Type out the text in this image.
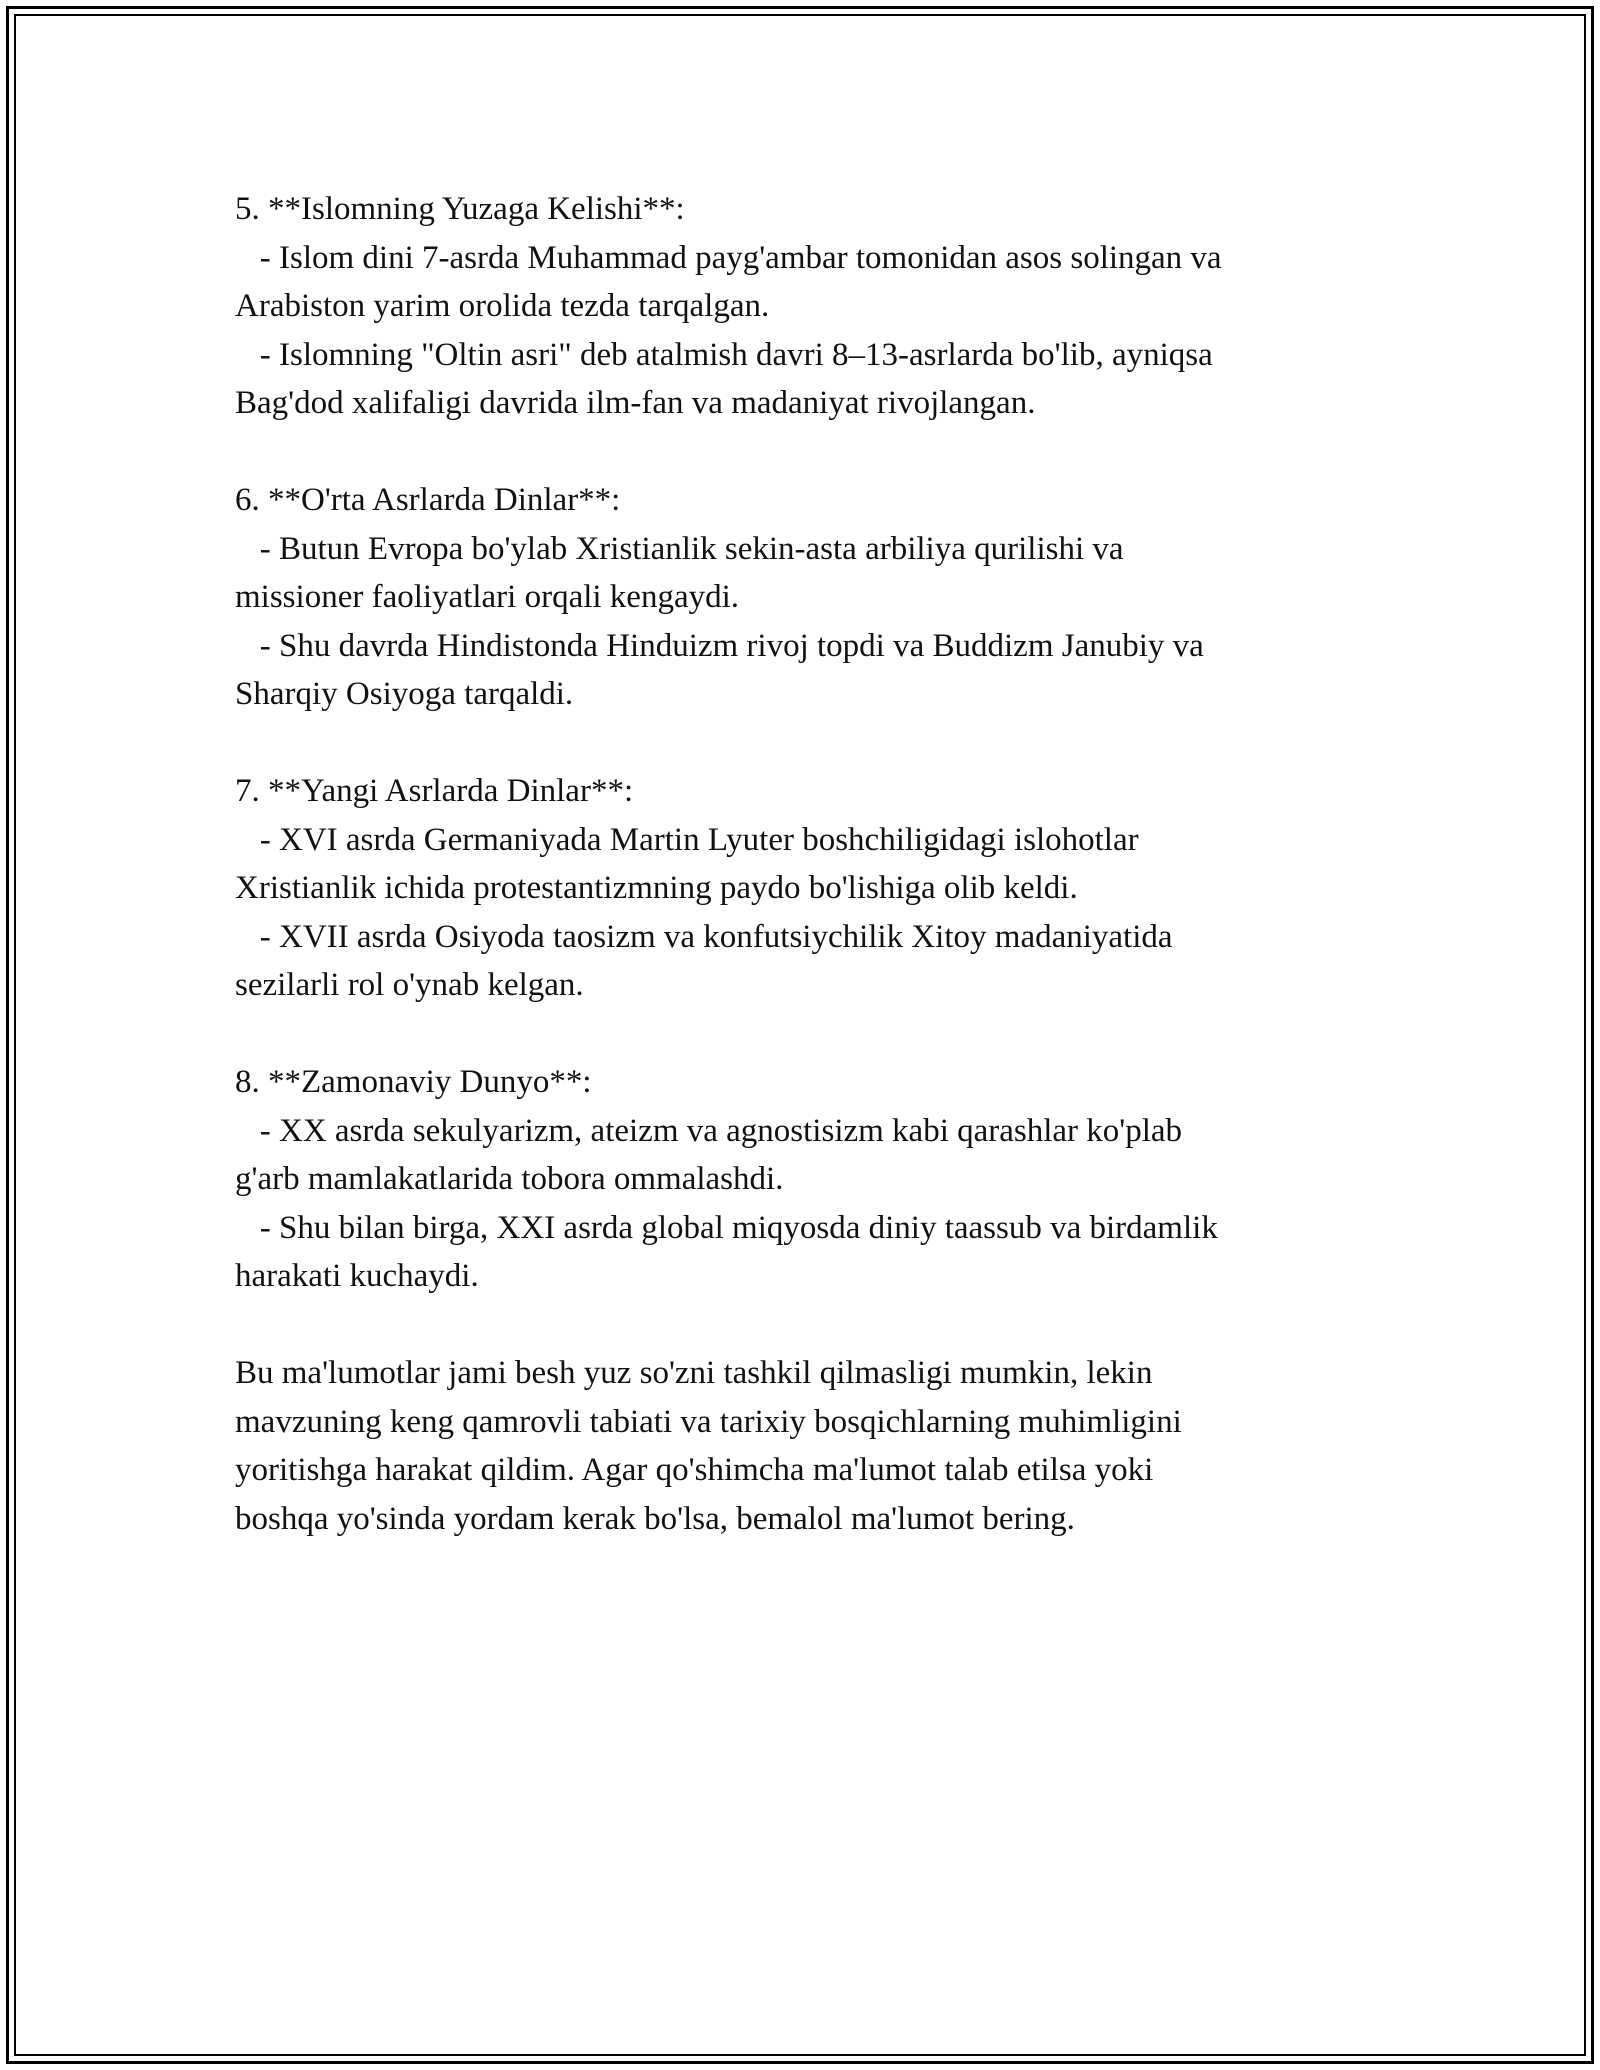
5. **Islomning Yuzaga Kelishi**:
- Islom dini 7-asrda Muhammad payg'ambar tomonidan asos solingan va
Arabiston yarim orolida tezda tarqalgan.
- Islomning "Oltin asri" deb atalmish davri 8–13-asrlarda bo'lib, ayniqsa
Bag'dod xalifaligi davrida ilm-fan va madaniyat rivojlangan.
6. **O'rta Asrlarda Dinlar**:
- Butun Evropa bo'ylab Xristianlik sekin-asta arbiliya qurilishi va
missioner faoliyatlari orqali kengaydi.
- Shu davrda Hindistonda Hinduizm rivoj topdi va Buddizm Janubiy va
Sharqiy Osiyoga tarqaldi.
7. **Yangi Asrlarda Dinlar**:
- XVI asrda Germaniyada Martin Lyuter boshchiligidagi islohotlar
Xristianlik ichida protestantizmning paydo bo'lishiga olib keldi.
- XVII asrda Osiyoda taosizm va konfutsiychilik Xitoy madaniyatida
sezilarli rol o'ynab kelgan.
8. **Zamonaviy Dunyo**:
- XX asrda sekulyarizm, ateizm va agnostisizm kabi qarashlar ko'plab
g'arb mamlakatlarida tobora ommalashdi.
- Shu bilan birga, XXI asrda global miqyosda diniy taassub va birdamlik
harakati kuchaydi.
Bu ma'lumotlar jami besh yuz so'zni tashkil qilmasligi mumkin, lekin
mavzuning keng qamrovli tabiati va tarixiy bosqichlarning muhimligini
yoritishga harakat qildim. Agar qo'shimcha ma'lumot talab etilsa yoki
boshqa yo'sinda yordam kerak bo'lsa, bemalol ma'lumot bering.
